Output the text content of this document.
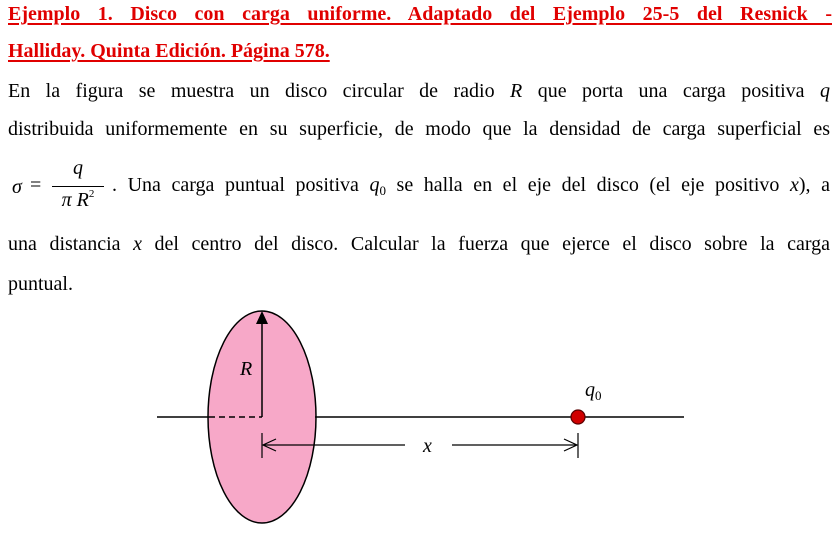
Ejemplo 1. Disco con carga uniforme. Adaptado del Ejemplo 25-5 del Resnick -
Halliday. Quinta Edición. Página 578.
En la figura se muestra un disco circular de radio R que porta una carga positiva q
distribuida uniformemente en su superficie, de modo que la densidad de carga superficial es
σ =
q
π $R^2$ . Una carga puntual positiva $q_0$ se halla en el eje del disco (el eje positivo x), a
una distancia x del centro del disco. Calcular la fuerza que ejerce el disco sobre la carga
puntual.
R
$q_0$
x
